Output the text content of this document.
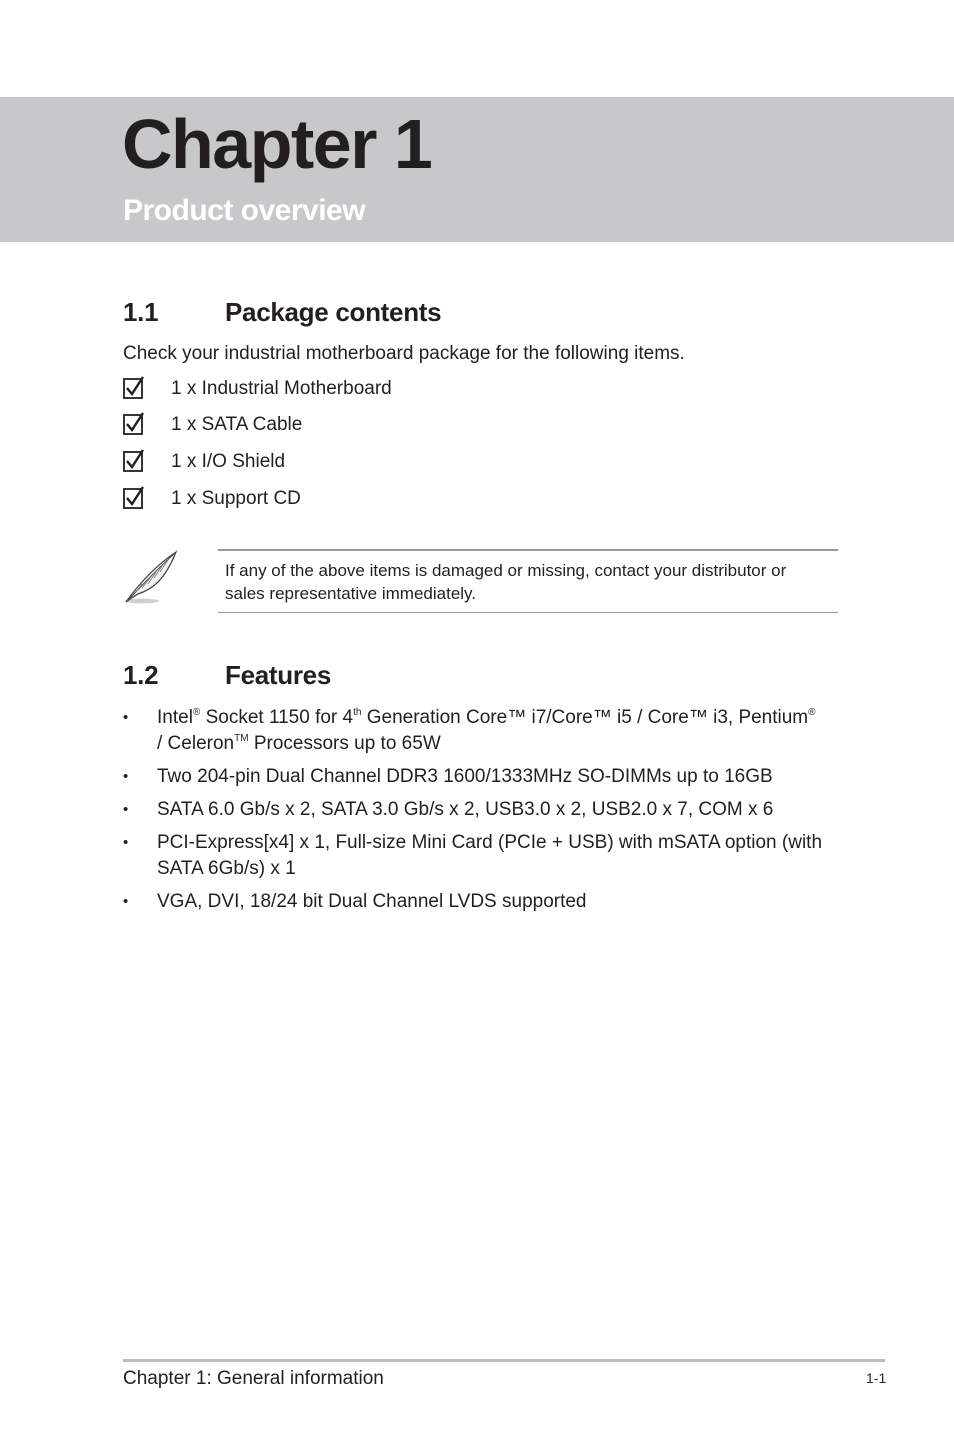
Chapter 1
Product overview
1.1	Package contents
Check your industrial motherboard package for the following items.
1 x Industrial Motherboard
1 x SATA Cable
1 x I/O Shield
1 x Support CD
If any of the above items is damaged or missing, contact your distributor or
sales representative immediately.
1.2	Features
• Intel® Socket 1150 for 4th Generation Core™ i7/Core™ i5 / Core™ i3, Pentium®
/ Celeron™ Processors up to 65W
• Two 204-pin Dual Channel DDR3 1600/1333MHz SO-DIMMs up to 16GB
• SATA 6.0 Gb/s x 2, SATA 3.0 Gb/s x 2, USB3.0 x 2, USB2.0 x 7, COM x 6
• PCI-Express[x4] x 1, Full-size Mini Card (PCIe + USB) with mSATA option (with SATA 6Gb/s) x 1
• VGA, DVI, 18/24 bit Dual Channel LVDS supported
Chapter 1: General information	1-1
